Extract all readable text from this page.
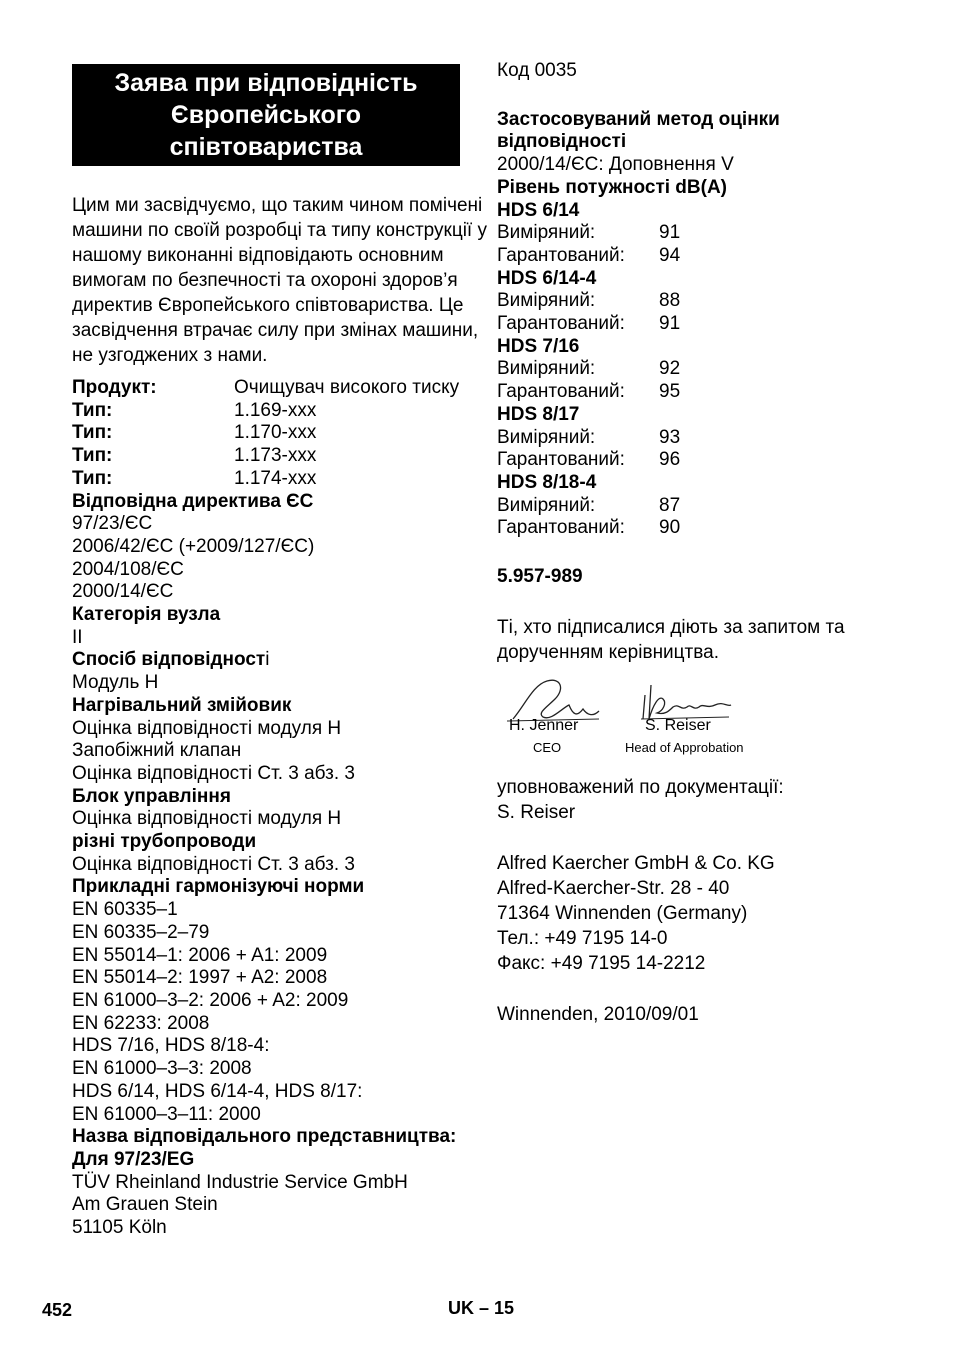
Заява при відповідність
Європейського
співтовариства

Цим ми засвідчуємо, що таким чином помічені машини по своїй розробці та типу конструкції у нашому виконанні відповідають основним вимогам по безпечності та охороні здоров’я директив Європейського співтовариства. Це засвідчення втрачає силу при змінах машини, не узгоджених з нами.

Продукт:	Очищувач високого тиску
Тип:	1.169-xxx
Тип:	1.170-xxx
Тип:	1.173-xxx
Тип:	1.174-xxx
Відповідна директива ЄС
97/23/ЄС
2006/42/ЄС (+2009/127/ЄС)
2004/108/ЄС
2000/14/ЄС
Категорія вузла
II
Спосіб відповідності
Модуль H
Нагрівальний змійовик
Оцінка відповідності модуля H
Запобіжний клапан
Оцінка відповідності Ст. 3 абз. 3
Блок управління
Оцінка відповідності модуля H
різні трубопроводи
Оцінка відповідності Ст. 3 абз. 3
Прикладні гармонізуючі норми
EN 60335–1
EN 60335–2–79
EN 55014–1: 2006 + A1: 2009
EN 55014–2: 1997 + A2: 2008
EN 61000–3–2: 2006 + A2: 2009
EN 62233: 2008
HDS 7/16, HDS 8/18-4:
EN 61000–3–3: 2008
HDS 6/14, HDS 6/14-4, HDS 8/17:
EN 61000–3–11: 2000
Назва відповідального представництва:
Для 97/23/EG
TÜV Rheinland Industrie Service GmbH
Am Grauen Stein
51105 Köln
Код 0035
Застосовуваний метод оцінки відповідності
2000/14/ЄС: Доповнення V
Рівень потужності dB(A)
HDS 6/14
Виміряний:	91
Гарантований:	94
HDS 6/14-4
Виміряний:	88
Гарантований:	91
HDS 7/16
Виміряний:	92
Гарантований:	95
HDS 8/17
Виміряний:	93
Гарантований:	96
HDS 8/18-4
Виміряний:	87
Гарантований:	90
5.957-989

Ті, хто підписалися діють за запитом та дорученням керівництва.

H. Jenner
CEO
S. Reiser
Head of Approbation
уповноважений по документації:
S. Reiser
Alfred Kaercher GmbH & Co. KG
Alfred-Kaercher-Str. 28 - 40
71364 Winnenden (Germany)
Тел.: +49 7195 14-0
Факс: +49 7195 14-2212
Winnenden, 2010/09/01
452	UK – 15
